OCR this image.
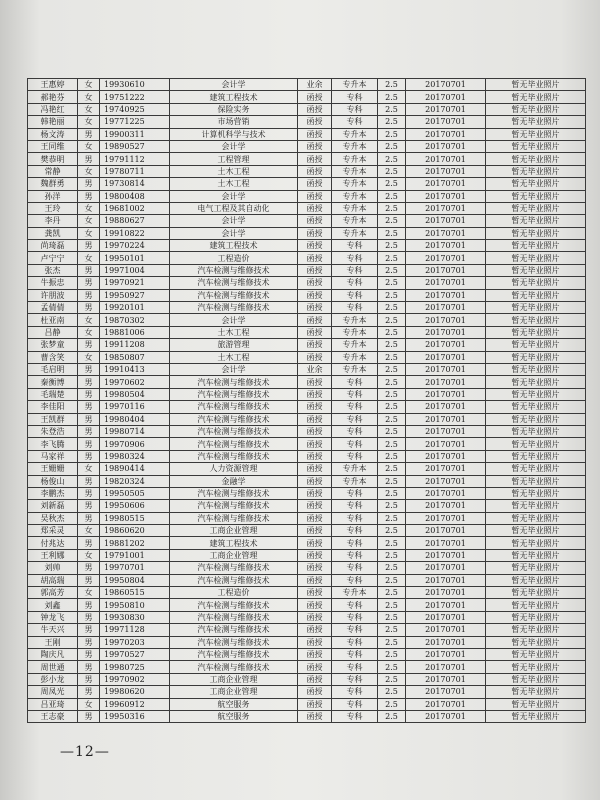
王惠婷	女	19930610	会计学	业余	专升本	2.5	20170701	暂无毕业照片
郝艳芬	女	19751222	建筑工程技术	函授	专科	2.5	20170701	暂无毕业照片
冯艳红	女	19740925	保险实务	函授	专科	2.5	20170701	暂无毕业照片
韩艳丽	女	19771225	市场营销	函授	专科	2.5	20170701	暂无毕业照片
杨文涛	男	19900311	计算机科学与技术	函授	专升本	2.5	20170701	暂无毕业照片
王同维	女	19890527	会计学	函授	专升本	2.5	20170701	暂无毕业照片
樊恭明	男	19791112	工程管理	函授	专升本	2.5	20170701	暂无毕业照片
常静	女	19780711	土木工程	函授	专升本	2.5	20170701	暂无毕业照片
魏群勇	男	19730814	土木工程	函授	专升本	2.5	20170701	暂无毕业照片
孙洋	男	19800408	会计学	函授	专升本	2.5	20170701	暂无毕业照片
王玲	女	19681002	电气工程及其自动化	函授	专升本	2.5	20170701	暂无毕业照片
李丹	女	19880627	会计学	函授	专升本	2.5	20170701	暂无毕业照片
龚凯	女	19910822	会计学	函授	专升本	2.5	20170701	暂无毕业照片
尚琦磊	男	19970224	建筑工程技术	函授	专科	2.5	20170701	暂无毕业照片
卢宁宁	女	19950101	工程造价	函授	专科	2.5	20170701	暂无毕业照片
张杰	男	19971004	汽车检测与维修技术	函授	专科	2.5	20170701	暂无毕业照片
牛振忠	男	19970921	汽车检测与维修技术	函授	专科	2.5	20170701	暂无毕业照片
许朋波	男	19950927	汽车检测与维修技术	函授	专科	2.5	20170701	暂无毕业照片
孟倩倩	男	19920101	汽车检测与维修技术	函授	专科	2.5	20170701	暂无毕业照片
杜亚南	女	19870302	会计学	函授	专升本	2.5	20170701	暂无毕业照片
吕静	女	19881006	土木工程	函授	专升本	2.5	20170701	暂无毕业照片
张梦童	男	19911208	旅游管理	函授	专升本	2.5	20170701	暂无毕业照片
曹含笑	女	19850807	土木工程	函授	专升本	2.5	20170701	暂无毕业照片
毛启明	男	19910413	会计学	业余	专升本	2.5	20170701	暂无毕业照片
秦衡博	男	19970602	汽车检测与维修技术	函授	专科	2.5	20170701	暂无毕业照片
毛瑞楚	男	19980504	汽车检测与维修技术	函授	专科	2.5	20170701	暂无毕业照片
李佳阳	男	19970116	汽车检测与维修技术	函授	专科	2.5	20170701	暂无毕业照片
王凯群	男	19980404	汽车检测与维修技术	函授	专科	2.5	20170701	暂无毕业照片
朱登浩	男	19980714	汽车检测与维修技术	函授	专科	2.5	20170701	暂无毕业照片
李飞腾	男	19970906	汽车检测与维修技术	函授	专科	2.5	20170701	暂无毕业照片
马家祥	男	19980324	汽车检测与维修技术	函授	专科	2.5	20170701	暂无毕业照片
王姗姗	女	19890414	人力资源管理	函授	专升本	2.5	20170701	暂无毕业照片
杨俊山	男	19820324	金融学	函授	专升本	2.5	20170701	暂无毕业照片
李鹏杰	男	19950505	汽车检测与维修技术	函授	专科	2.5	20170701	暂无毕业照片
刘新磊	男	19950606	汽车检测与维修技术	函授	专科	2.5	20170701	暂无毕业照片
吴秋杰	男	19980515	汽车检测与维修技术	函授	专科	2.5	20170701	暂无毕业照片
郑采灵	女	19860620	工商企业管理	函授	专科	2.5	20170701	暂无毕业照片
付兆达	男	19881202	建筑工程技术	函授	专科	2.5	20170701	暂无毕业照片
王利娜	女	19791001	工商企业管理	函授	专科	2.5	20170701	暂无毕业照片
刘帅	男	19970701	汽车检测与维修技术	函授	专科	2.5	20170701	暂无毕业照片
胡高瑞	男	19950804	汽车检测与维修技术	函授	专科	2.5	20170701	暂无毕业照片
郭高芳	女	19860515	工程造价	函授	专升本	2.5	20170701	暂无毕业照片
刘鑫	男	19950810	汽车检测与维修技术	函授	专科	2.5	20170701	暂无毕业照片
钟龙飞	男	19930830	汽车检测与维修技术	函授	专科	2.5	20170701	暂无毕业照片
牛天兴	男	19971128	汽车检测与维修技术	函授	专科	2.5	20170701	暂无毕业照片
王刚	男	19970203	汽车检测与维修技术	函授	专科	2.5	20170701	暂无毕业照片
陶庆凡	男	19970527	汽车检测与维修技术	函授	专科	2.5	20170701	暂无毕业照片
周世通	男	19980725	汽车检测与维修技术	函授	专科	2.5	20170701	暂无毕业照片
彭小龙	男	19970902	工商企业管理	函授	专科	2.5	20170701	暂无毕业照片
周凤光	男	19980620	工商企业管理	函授	专科	2.5	20170701	暂无毕业照片
吕亚琦	女	19960912	航空服务	函授	专科	2.5	20170701	暂无毕业照片
王志豪	男	19950316	航空服务	函授	专科	2.5	20170701	暂无毕业照片
—12—
